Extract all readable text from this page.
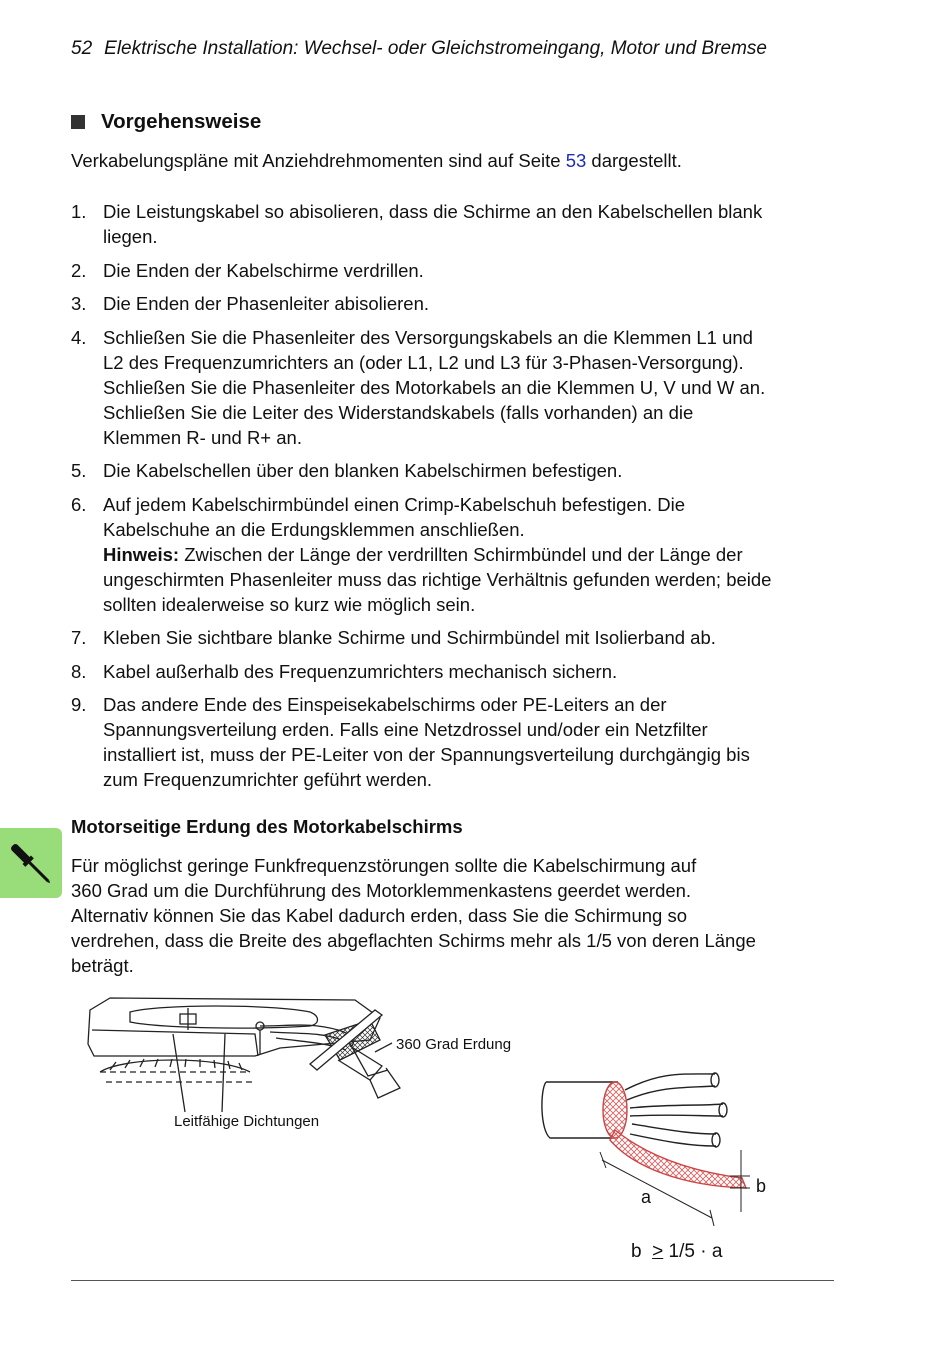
52 Elektrische Installation: Wechsel- oder Gleichstromeingang, Motor und Bremse
Vorgehensweise
Verkabelungspläne mit Anziehdrehmomenten sind auf Seite 53 dargestellt.
1. Die Leistungskabel so abisolieren, dass die Schirme an den Kabelschellen blank
liegen.
2. Die Enden der Kabelschirme verdrillen.
3. Die Enden der Phasenleiter abisolieren.
4. Schließen Sie die Phasenleiter des Versorgungskabels an die Klemmen L1 und
L2 des Frequenzumrichters an (oder L1, L2 und L3 für 3-Phasen-Versorgung).
Schließen Sie die Phasenleiter des Motorkabels an die Klemmen U, V und W an.
Schließen Sie die Leiter des Widerstandskabels (falls vorhanden) an die
Klemmen R- und R+ an.
5. Die Kabelschellen über den blanken Kabelschirmen befestigen.
6. Auf jedem Kabelschirmbündel einen Crimp-Kabelschuh befestigen. Die
Kabelschuhe an die Erdungsklemmen anschließen.
Hinweis: Zwischen der Länge der verdrillten Schirmbündel und der Länge der
ungeschirmten Phasenleiter muss das richtige Verhältnis gefunden werden; beide
sollten idealerweise so kurz wie möglich sein.
7. Kleben Sie sichtbare blanke Schirme und Schirmbündel mit Isolierband ab.
8. Kabel außerhalb des Frequenzumrichters mechanisch sichern.
9. Das andere Ende des Einspeisekabelschirms oder PE-Leiters an der
Spannungsverteilung erden. Falls eine Netzdrossel und/oder ein Netzfilter
installiert ist, muss der PE-Leiter von der Spannungsverteilung durchgängig bis
zum Frequenzumrichter geführt werden.
Motorseitige Erdung des Motorkabelschirms
Für möglichst geringe Funkfrequenzstörungen sollte die Kabelschirmung auf
360 Grad um die Durchführung des Motorklemmenkastens geerdet werden.
Alternativ können Sie das Kabel dadurch erden, dass Sie die Schirmung so
verdrehen, dass die Breite des abgeflachten Schirms mehr als 1/5 von deren Länge
beträgt.
360 Grad Erdung
Leitfähige Dichtungen
a
b
b > 1/5 · a
